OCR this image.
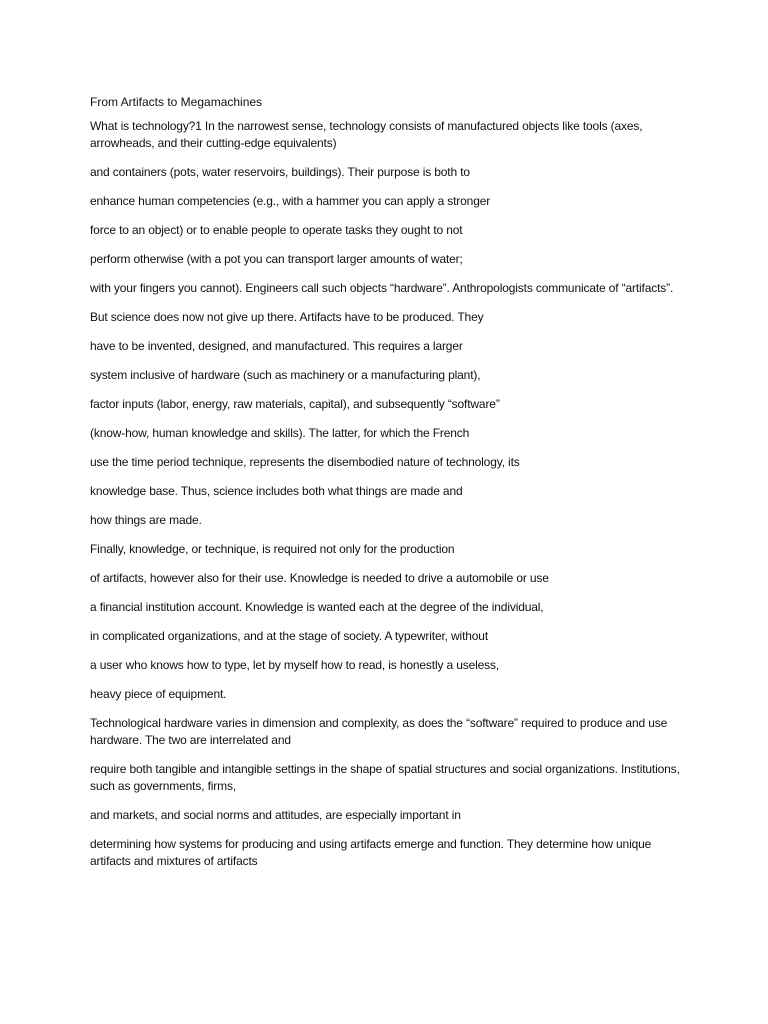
From Artifacts to Megamachines

What is technology?1 In the narrowest sense, technology consists of manufactured objects like tools (axes, arrowheads, and their cutting-edge equivalents)

and containers (pots, water reservoirs, buildings). Their purpose is both to

enhance human competencies (e.g., with a hammer you can apply a stronger

force to an object) or to enable people to operate tasks they ought to not

perform otherwise (with a pot you can transport larger amounts of water;

with your fingers you cannot). Engineers call such objects “hardware”. Anthropologists communicate of “artifacts”.

But science does now not give up there. Artifacts have to be produced. They

have to be invented, designed, and manufactured. This requires a larger

system inclusive of hardware (such as machinery or a manufacturing plant),

factor inputs (labor, energy, raw materials, capital), and subsequently “software”

(know-how, human knowledge and skills). The latter, for which the French

use the time period technique, represents the disembodied nature of technology, its

knowledge base. Thus, science includes both what things are made and

how things are made.

Finally, knowledge, or technique, is required not only for the production

of artifacts, however also for their use. Knowledge is needed to drive a automobile or use

a financial institution account. Knowledge is wanted each at the degree of the individual,

in complicated organizations, and at the stage of society. A typewriter, without

a user who knows how to type, let by myself how to read, is honestly a useless,

heavy piece of equipment.

Technological hardware varies in dimension and complexity, as does the “software” required to produce and use hardware. The two are interrelated and

require both tangible and intangible settings in the shape of spatial structures and social organizations. Institutions, such as governments, firms,

and markets, and social norms and attitudes, are especially important in

determining how systems for producing and using artifacts emerge and function. They determine how unique artifacts and mixtures of artifacts
